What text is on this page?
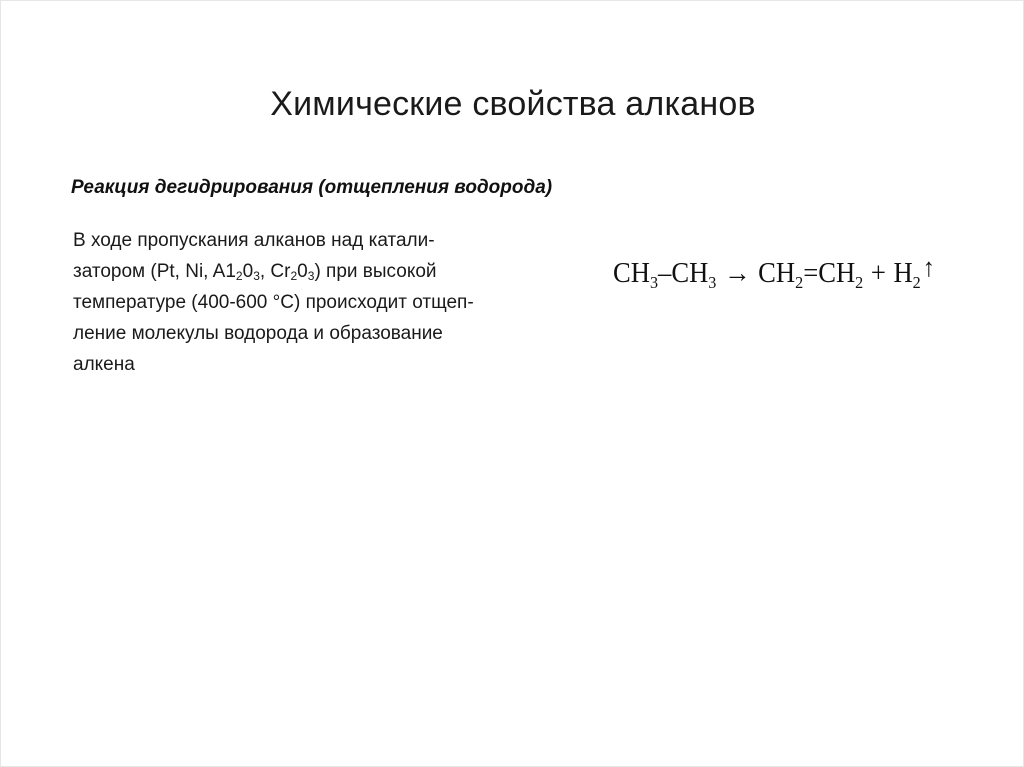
Химические свойства алканов
Реакция дегидрирования (отщепления водорода)
В ходе пропускания алканов над катали-
затором (Pt, Ni, $A1_20_3$, $Cr_20_3$) при высокой
температуре (400-600 °С) происходит отщеп-
ление молекулы водорода и образование
алкена
$CH_3-CH_3 \to CH_2=CH_2$ + $H_2↑$
